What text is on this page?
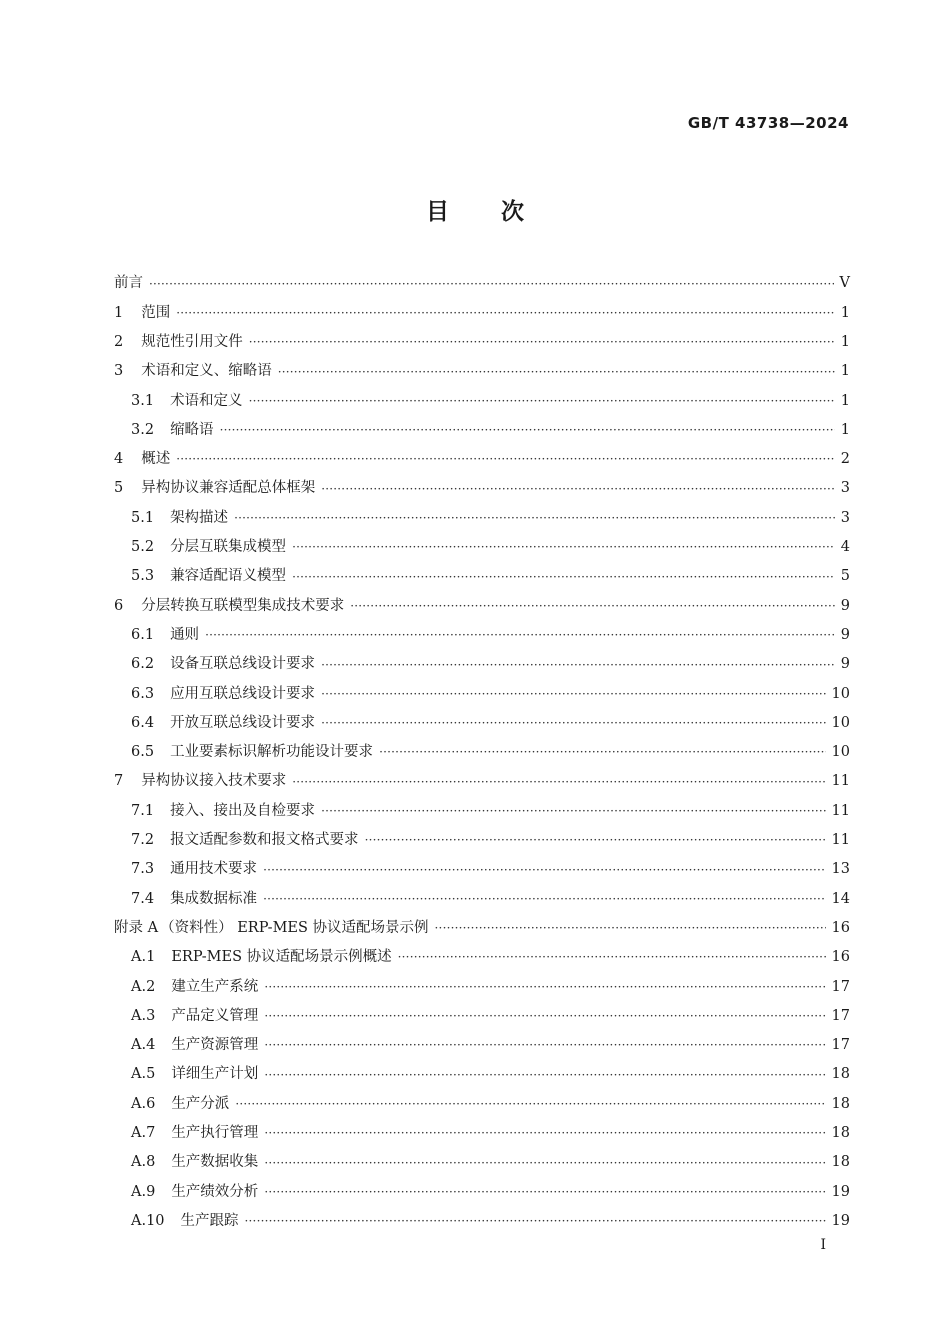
GB/T 43738—2024
目 次
前言 ·····	V
1 范围 ·····	1
2 规范性引用文件 ·····	1
3 术语和定义、缩略语 ·····	1
3.1 术语和定义 ·····	1
3.2 缩略语 ·····	1
4 概述 ·····	2
5 异构协议兼容适配总体框架 ·····	3
5.1 架构描述 ·····	3
5.2 分层互联集成模型 ·····	4
5.3 兼容适配语义模型 ·····	5
6 分层转换互联模型集成技术要求 ·····	9
6.1 通则 ·····	9
6.2 设备互联总线设计要求 ·····	9
6.3 应用互联总线设计要求 ·····	10
6.4 开放互联总线设计要求 ·····	10
6.5 工业要素标识解析功能设计要求 ·····	10
7 异构协议接入技术要求 ·····	11
7.1 接入、接出及自检要求 ·····	11
7.2 报文适配参数和报文格式要求 ·····	11
7.3 通用技术要求 ·····	13
7.4 集成数据标准 ·····	14
附录 A （资料性） ERP-MES 协议适配场景示例 ·····	16
A.1 ERP-MES 协议适配场景示例概述 ·····	16
A.2 建立生产系统 ·····	17
A.3 产品定义管理 ·····	17
A.4 生产资源管理 ·····	17
A.5 详细生产计划 ·····	18
A.6 生产分派 ·····	18
A.7 生产执行管理 ·····	18
A.8 生产数据收集 ·····	18
A.9 生产绩效分析 ·····	19
A.10 生产跟踪 ·····	19
I
